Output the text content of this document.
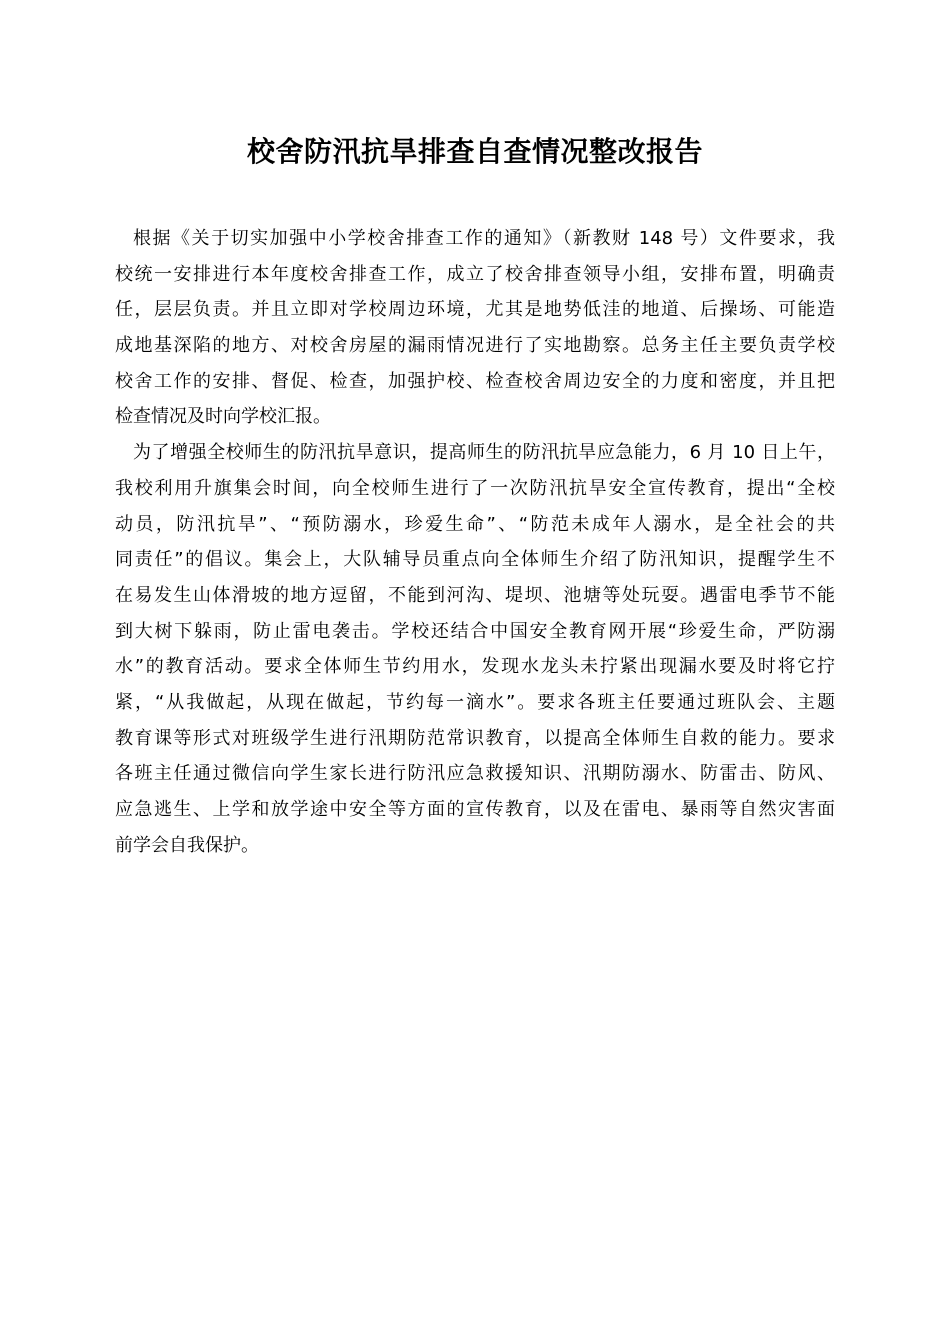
校舍防汛抗旱排查自查情况整改报告
根据《关于切实加强中小学校舍排查工作的通知》（新教财 148 号）文件要求，我
校统一安排进行本年度校舍排查工作，成立了校舍排查领导小组，安排布置，明确责
任，层层负责。并且立即对学校周边环境，尤其是地势低洼的地道、后操场、可能造
成地基深陷的地方、对校舍房屋的漏雨情况进行了实地勘察。总务主任主要负责学校
校舍工作的安排、督促、检查，加强护校、检查校舍周边安全的力度和密度，并且把
检查情况及时向学校汇报。
为了增强全校师生的防汛抗旱意识，提高师生的防汛抗旱应急能力，6 月 10 日上午，
我校利用升旗集会时间，向全校师生进行了一次防汛抗旱安全宣传教育，提出“全校
动员，防汛抗旱”、“预防溺水，珍爱生命”、“防范未成年人溺水，是全社会的共
同责任”的倡议。集会上，大队辅导员重点向全体师生介绍了防汛知识，提醒学生不
在易发生山体滑坡的地方逗留，不能到河沟、堤坝、池塘等处玩耍。遇雷电季节不能
到大树下躲雨，防止雷电袭击。学校还结合中国安全教育网开展“珍爱生命，严防溺
水”的教育活动。要求全体师生节约用水，发现水龙头未拧紧出现漏水要及时将它拧
紧，“从我做起，从现在做起，节约每一滴水”。要求各班主任要通过班队会、主题
教育课等形式对班级学生进行汛期防范常识教育，以提高全体师生自救的能力。要求
各班主任通过微信向学生家长进行防汛应急救援知识、汛期防溺水、防雷击、防风、
应急逃生、上学和放学途中安全等方面的宣传教育，以及在雷电、暴雨等自然灾害面
前学会自我保护。
